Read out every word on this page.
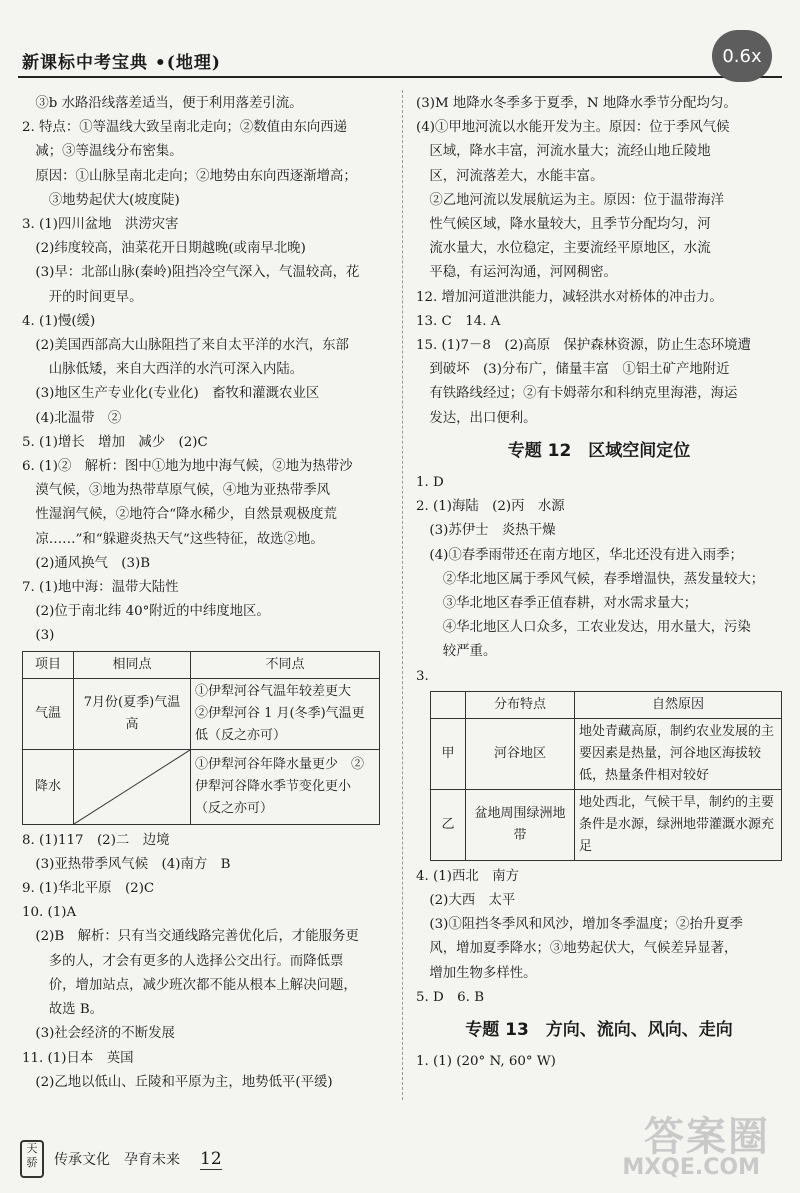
新课标中考宝典 •(地理)	0.6x
　③b 水路沿线落差适当，便于利用落差引流。
2. 特点：①等温线大致呈南北走向；②数值由东向西递
　减；③等温线分布密集。
　原因：①山脉呈南北走向；②地势由东向西逐渐增高；
　　③地势起伏大(坡度陡)
3. (1)四川盆地　洪涝灾害
　(2)纬度较高，油菜花开日期越晚(或南早北晚)
　(3)早：北部山脉(秦岭)阻挡冷空气深入，气温较高，花
　　开的时间更早。
4. (1)慢(缓)
　(2)美国西部高大山脉阻挡了来自太平洋的水汽，东部
　　山脉低矮，来自大西洋的水汽可深入内陆。
　(3)地区生产专业化(专业化)　畜牧和灌溉农业区
　(4)北温带　②
5. (1)增长　增加　减少　(2)C
6. (1)②　解析：图中①地为地中海气候，②地为热带沙
　漠气候，③地为热带草原气候，④地为亚热带季风
　性湿润气候，②地符合“降水稀少，自然景观极度荒
　凉……”和“躲避炎热天气”这些特征，故选②地。
　(2)通风换气　(3)B
7. (1)地中海：温带大陆性
　(2)位于南北纬 40°附近的中纬度地区。
　(3)
项目	相同点	不同点
气温	7月份(夏季)气温高	①伊犁河谷气温年较差更大　②伊犁河谷 1 月(冬季)气温更低（反之亦可）
降水		①伊犁河谷年降水量更少　②伊犁河谷降水季节变化更小（反之亦可）
8. (1)117　(2)二　边境
　(3)亚热带季风气候　(4)南方　B
9. (1)华北平原　(2)C
10. (1)A
　(2)B　解析：只有当交通线路完善优化后，才能服务更
　　多的人，才会有更多的人选择公交出行。而降低票
　　价，增加站点，减少班次都不能从根本上解决问题，
　　故选 B。
　(3)社会经济的不断发展
11. (1)日本　英国
　(2)乙地以低山、丘陵和平原为主，地势低平(平缓)
(3)M 地降水冬季多于夏季，N 地降水季节分配均匀。
(4)①甲地河流以水能开发为主。原因：位于季风气候
　区域，降水丰富，河流水量大；流经山地丘陵地
　区，河流落差大，水能丰富。
　②乙地河流以发展航运为主。原因：位于温带海洋
　性气候区域，降水量较大，且季节分配均匀，河
　流水量大，水位稳定，主要流经平原地区，水流
　平稳，有运河沟通，河网稠密。
12. 增加河道泄洪能力，减轻洪水对桥体的冲击力。
13. C　14. A
15. (1)7－8　(2)高原　保护森林资源，防止生态环境遭
　到破坏　(3)分布广，储量丰富　①铝土矿产地附近
　有铁路线经过；②有卡姆蒂尔和科纳克里海港，海运
　发达，出口便利。
专题 12　区域空间定位
1. D
2. (1)海陆　(2)丙　水源
　(3)苏伊士　炎热干燥
　(4)①春季雨带还在南方地区，华北还没有进入雨季；
　　②华北地区属于季风气候，春季增温快，蒸发量较大；
　　③华北地区春季正值春耕，对水需求量大；
　　④华北地区人口众多，工农业发达，用水量大，污染
　　较严重。
3.
	分布特点	自然原因
甲	河谷地区	地处青藏高原，制约农业发展的主要因素是热量，河谷地区海拔较低，热量条件相对较好
乙	盆地周围绿洲地带	地处西北，气候干旱，制约的主要条件是水源，绿洲地带灌溉水源充足
4. (1)西北　南方
　(2)大西　太平
　(3)①阻挡冬季风和风沙，增加冬季温度；②抬升夏季
　风，增加夏季降水；③地势起伏大，气候差异显著，
　增加生物多样性。
5. D　6. B
专题 13　方向、流向、风向、走向
1. (1) (20° N, 60° W)
天骄	传承文化　孕育未来 12	答案圈
MXQE.COM
